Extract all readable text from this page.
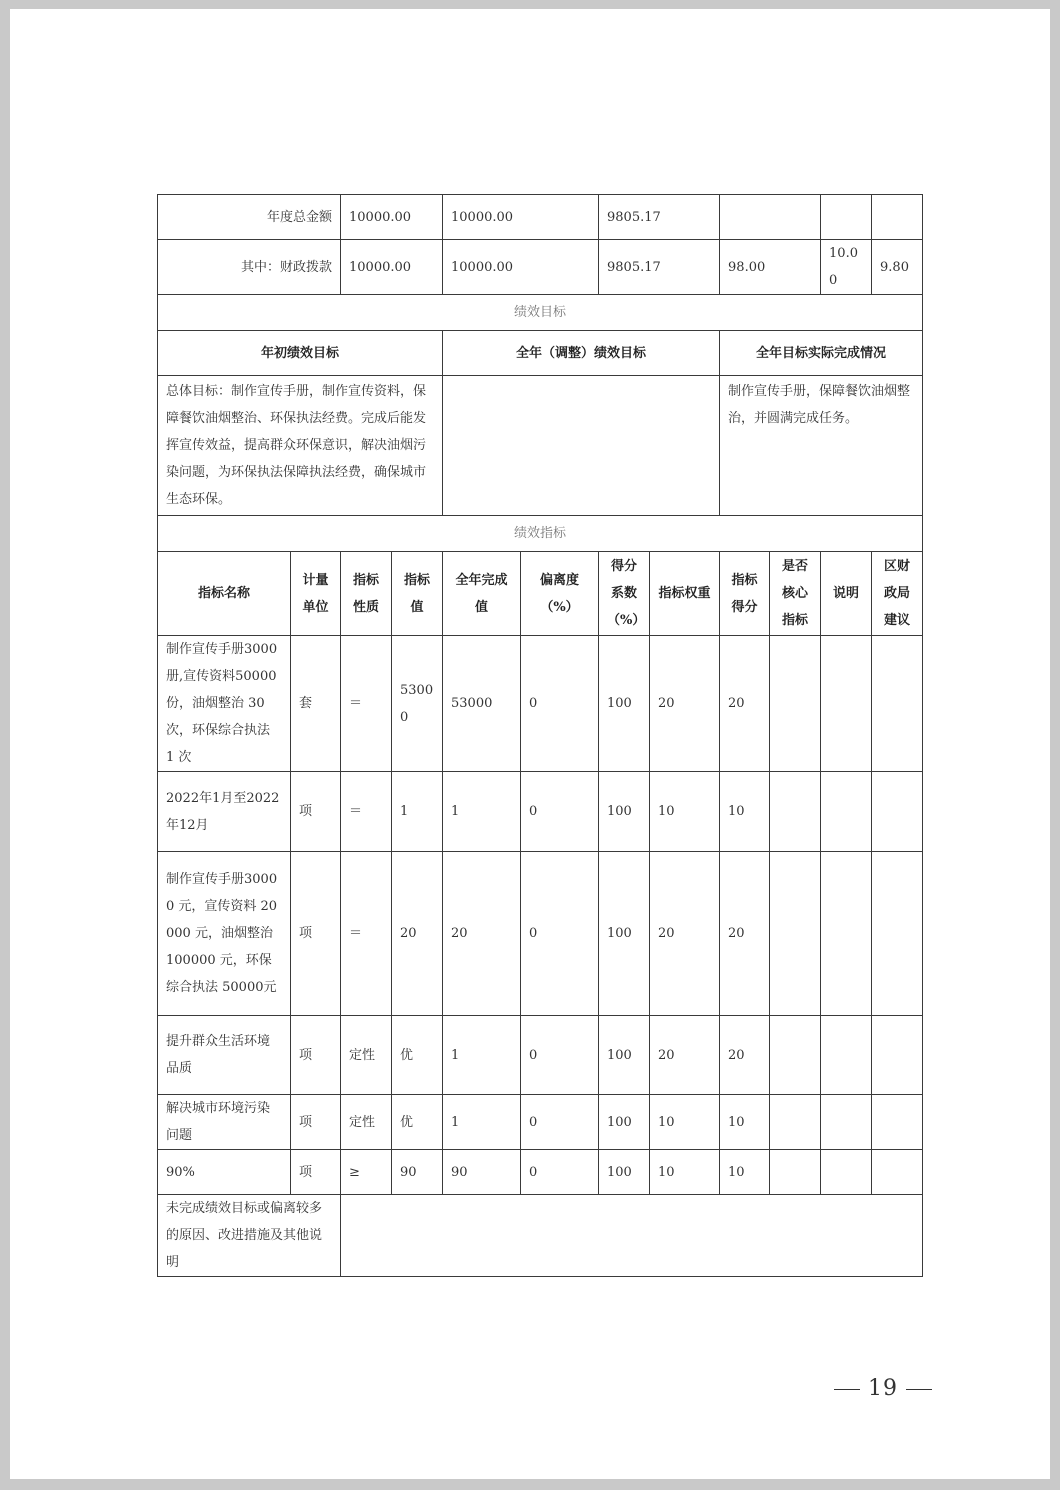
年度总金额		10000.00		10000.00		9805.17					
其中：财政拨款		10000.00		10000.00		9805.17		98.00		10.00	9.80
绩效目标											
年初绩效目标				全年（调整）绩效目标				全年目标实际完成情况			
总体目标：制作宣传手册，制作宣传资料，保障餐饮油烟整治、环保执法经费。完成后能发挥宣传效益，提高群众环保意识，解决油烟污染问题，为环保执法保障执法经费，确保城市生态环保。								制作宣传手册，保障餐饮油烟整治，并圆满完成任务。			
绩效指标											
指标名称	计量单位	指标性质	指标值	全年完成值	偏离度（%）	得分系数（%）	指标权重	指标得分	是否核心指标	说明	区财政局建议
制作宣传手册3000册,宣传资料50000份，油烟整治 30次，环保综合执法 1 次	套	＝	53000	53000	0	100	20	20			
2022年1月至2022年12月	项	＝	1	1	0	100	10	10			
制作宣传手册30000 元，宣传资料 20000 元，油烟整治 100000 元，环保综合执法 50000元	项	＝	20	20	0	100	20	20			
提升群众生活环境品质	项	定性	优	1	0	100	20	20			
解决城市环境污染问题	项	定性	优	1	0	100	10	10			
90%	项	≥	90	90	0	100	10	10			
未完成绩效目标或偏离较多的原因、改进措施及其他说明											
19
